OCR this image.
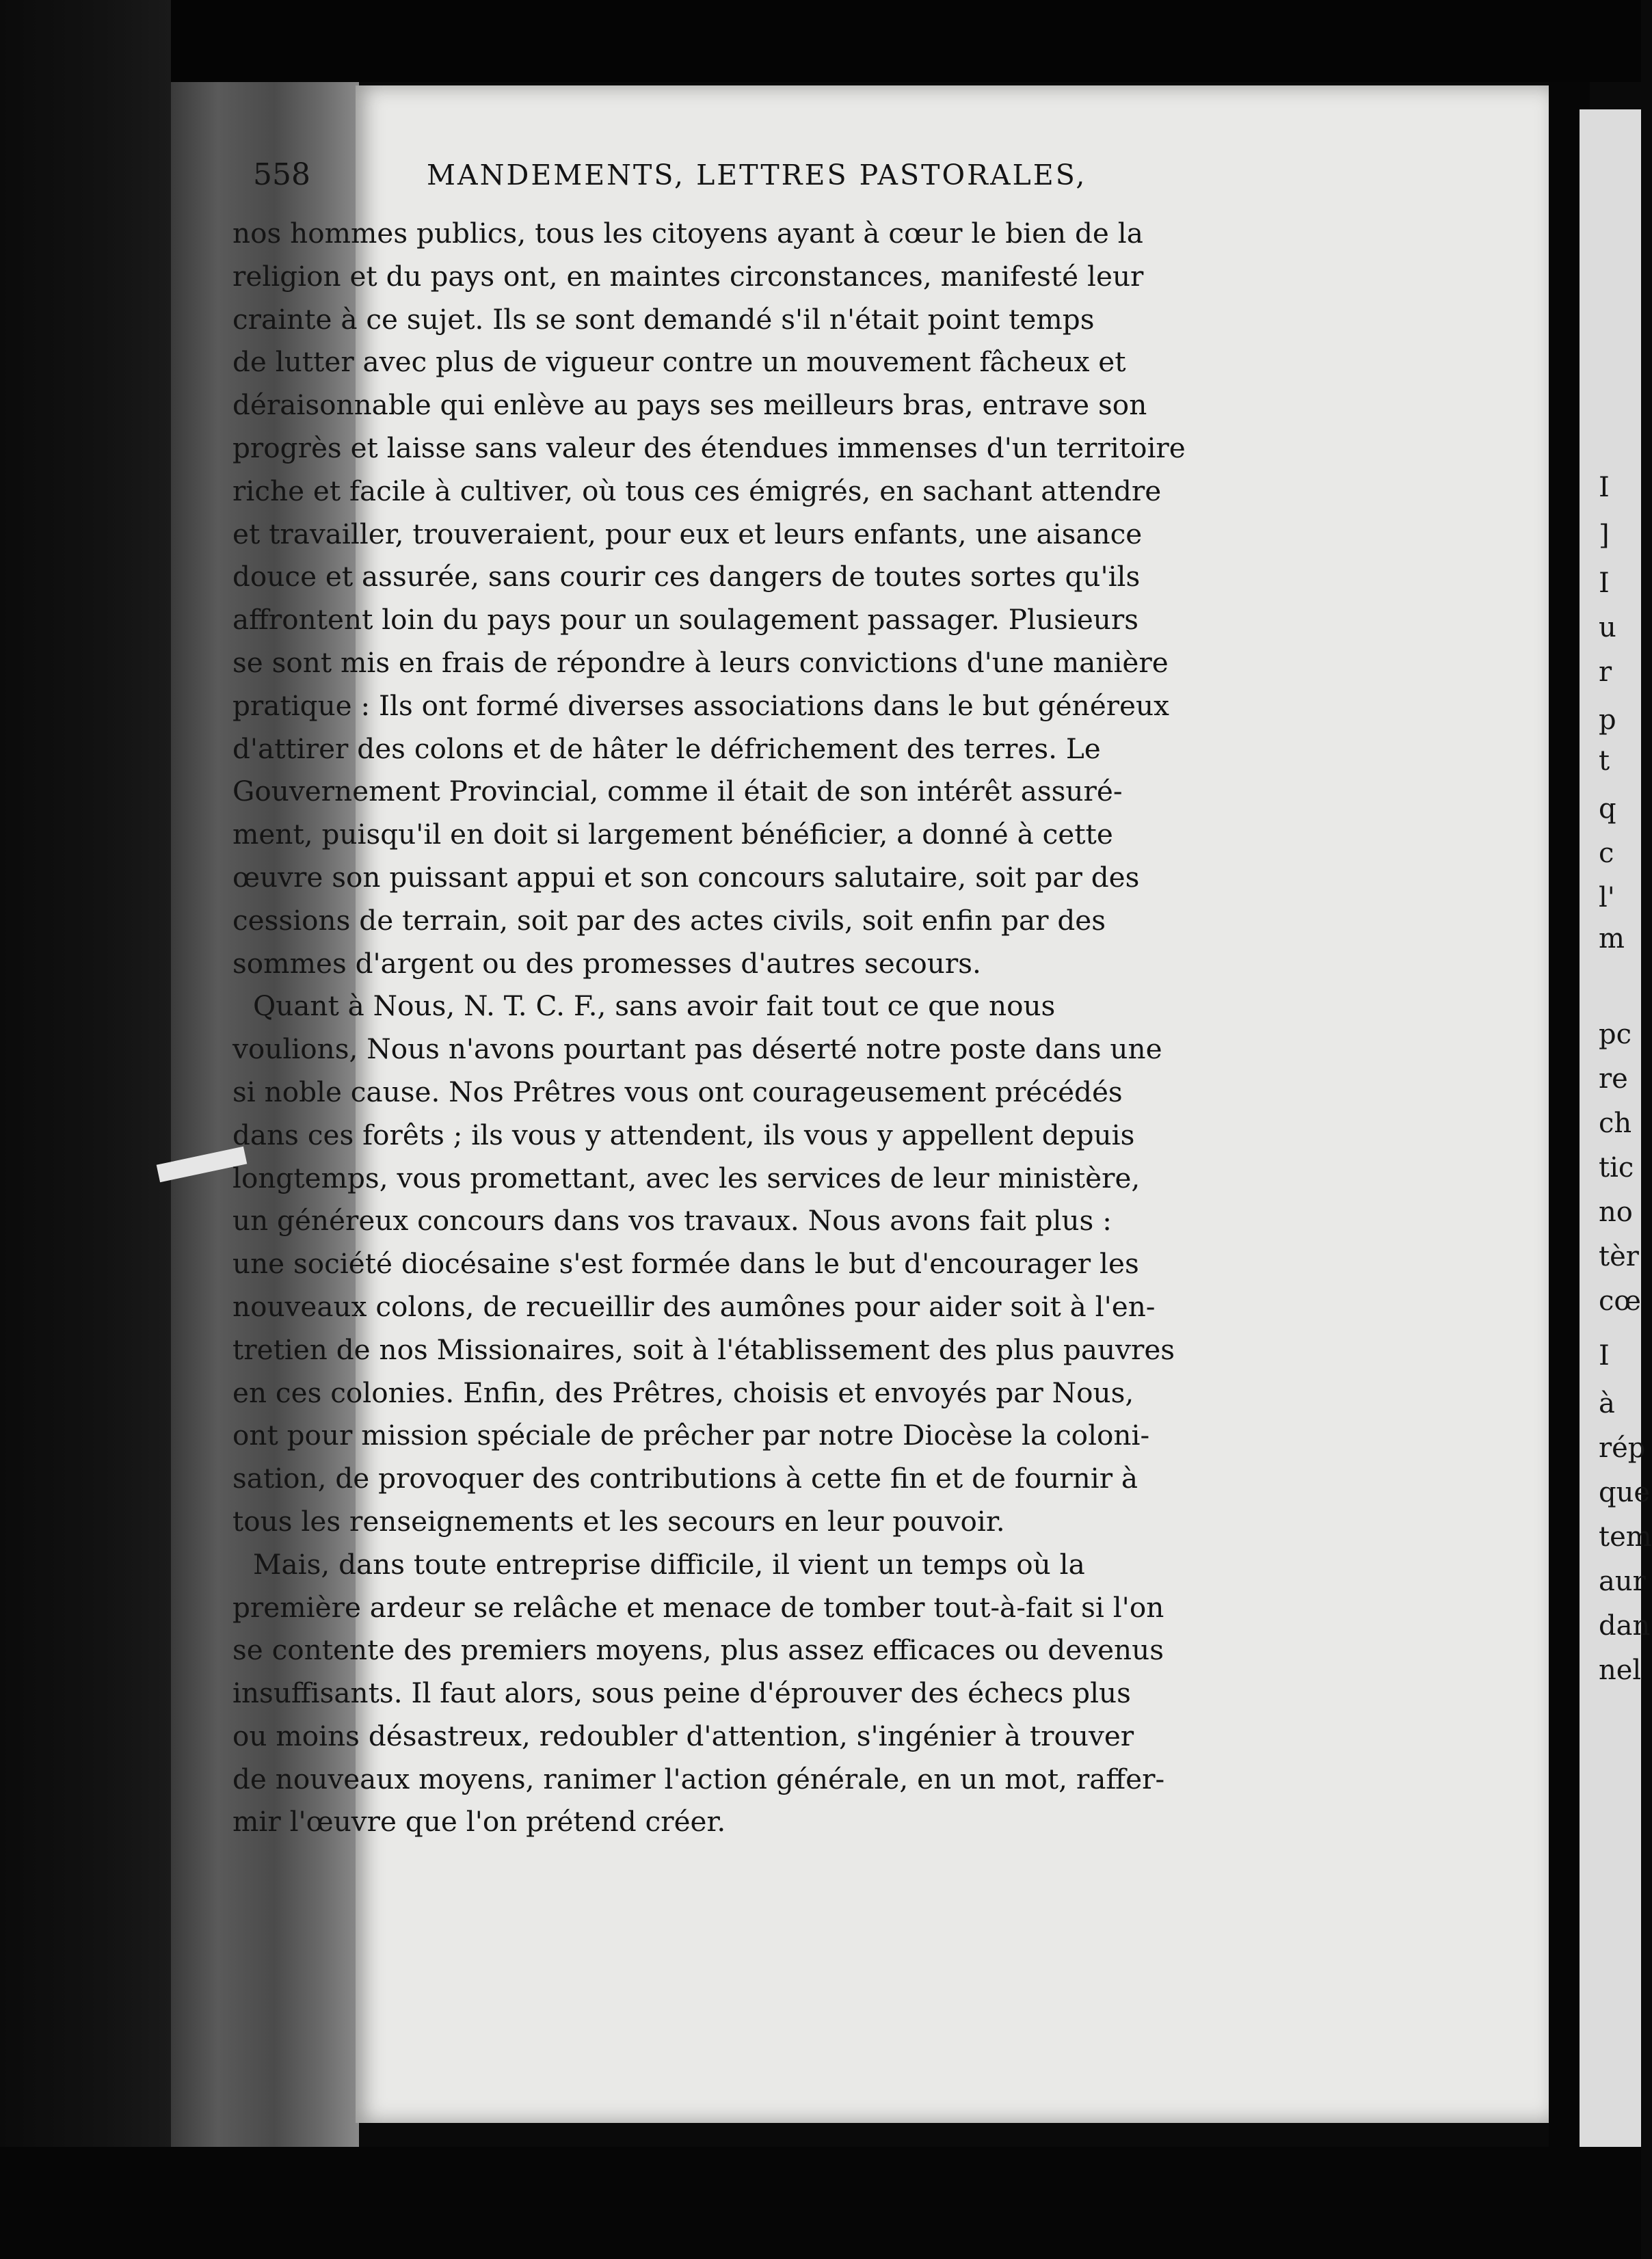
558	MANDEMENTS, LETTRES PASTORALES,
nos hommes publics, tous les citoyens ayant à cœur le bien de la
religion et du pays ont, en maintes circonstances, manifesté leur
crainte à ce sujet. Ils se sont demandé s'il n'était point temps
de lutter avec plus de vigueur contre un mouvement fâcheux et
déraisonnable qui enlève au pays ses meilleurs bras, entrave son
progrès et laisse sans valeur des étendues immenses d'un territoire
riche et facile à cultiver, où tous ces émigrés, en sachant attendre
et travailler, trouveraient, pour eux et leurs enfants, une aisance
douce et assurée, sans courir ces dangers de toutes sortes qu'ils
affrontent loin du pays pour un soulagement passager. Plusieurs
se sont mis en frais de répondre à leurs convictions d'une manière
pratique : Ils ont formé diverses associations dans le but généreux
d'attirer des colons et de hâter le défrichement des terres. Le
Gouvernement Provincial, comme il était de son intérêt assuré-
ment, puisqu'il en doit si largement bénéficier, a donné à cette
œuvre son puissant appui et son concours salutaire, soit par des
cessions de terrain, soit par des actes civils, soit enfin par des
sommes d'argent ou des promesses d'autres secours.
Quant à Nous, N. T. C. F., sans avoir fait tout ce que nous
voulions, Nous n'avons pourtant pas déserté notre poste dans une
si noble cause. Nos Prêtres vous ont courageusement précédés
dans ces forêts ; ils vous y attendent, ils vous y appellent depuis
longtemps, vous promettant, avec les services de leur ministère,
un généreux concours dans vos travaux. Nous avons fait plus :
une société diocésaine s'est formée dans le but d'encourager les
nouveaux colons, de recueillir des aumônes pour aider soit à l'en-
tretien de nos Missionaires, soit à l'établissement des plus pauvres
en ces colonies. Enfin, des Prêtres, choisis et envoyés par Nous,
ont pour mission spéciale de prêcher par notre Diocèse la coloni-
sation, de provoquer des contributions à cette fin et de fournir à
tous les renseignements et les secours en leur pouvoir.
Mais, dans toute entreprise difficile, il vient un temps où la
première ardeur se relâche et menace de tomber tout-à-fait si l'on
se contente des premiers moyens, plus assez efficaces ou devenus
insuffisants. Il faut alors, sous peine d'éprouver des échecs plus
ou moins désastreux, redoubler d'attention, s'ingénier à trouver
de nouveaux moyens, ranimer l'action générale, en un mot, raffer-
mir l'œuvre que l'on prétend créer.
I
]
I
u
r
p
t
q
c
l'
m
pc
re
ch
tic
no
tèr
cœ
I
à
rép
que
tem
aur
dan
nel
